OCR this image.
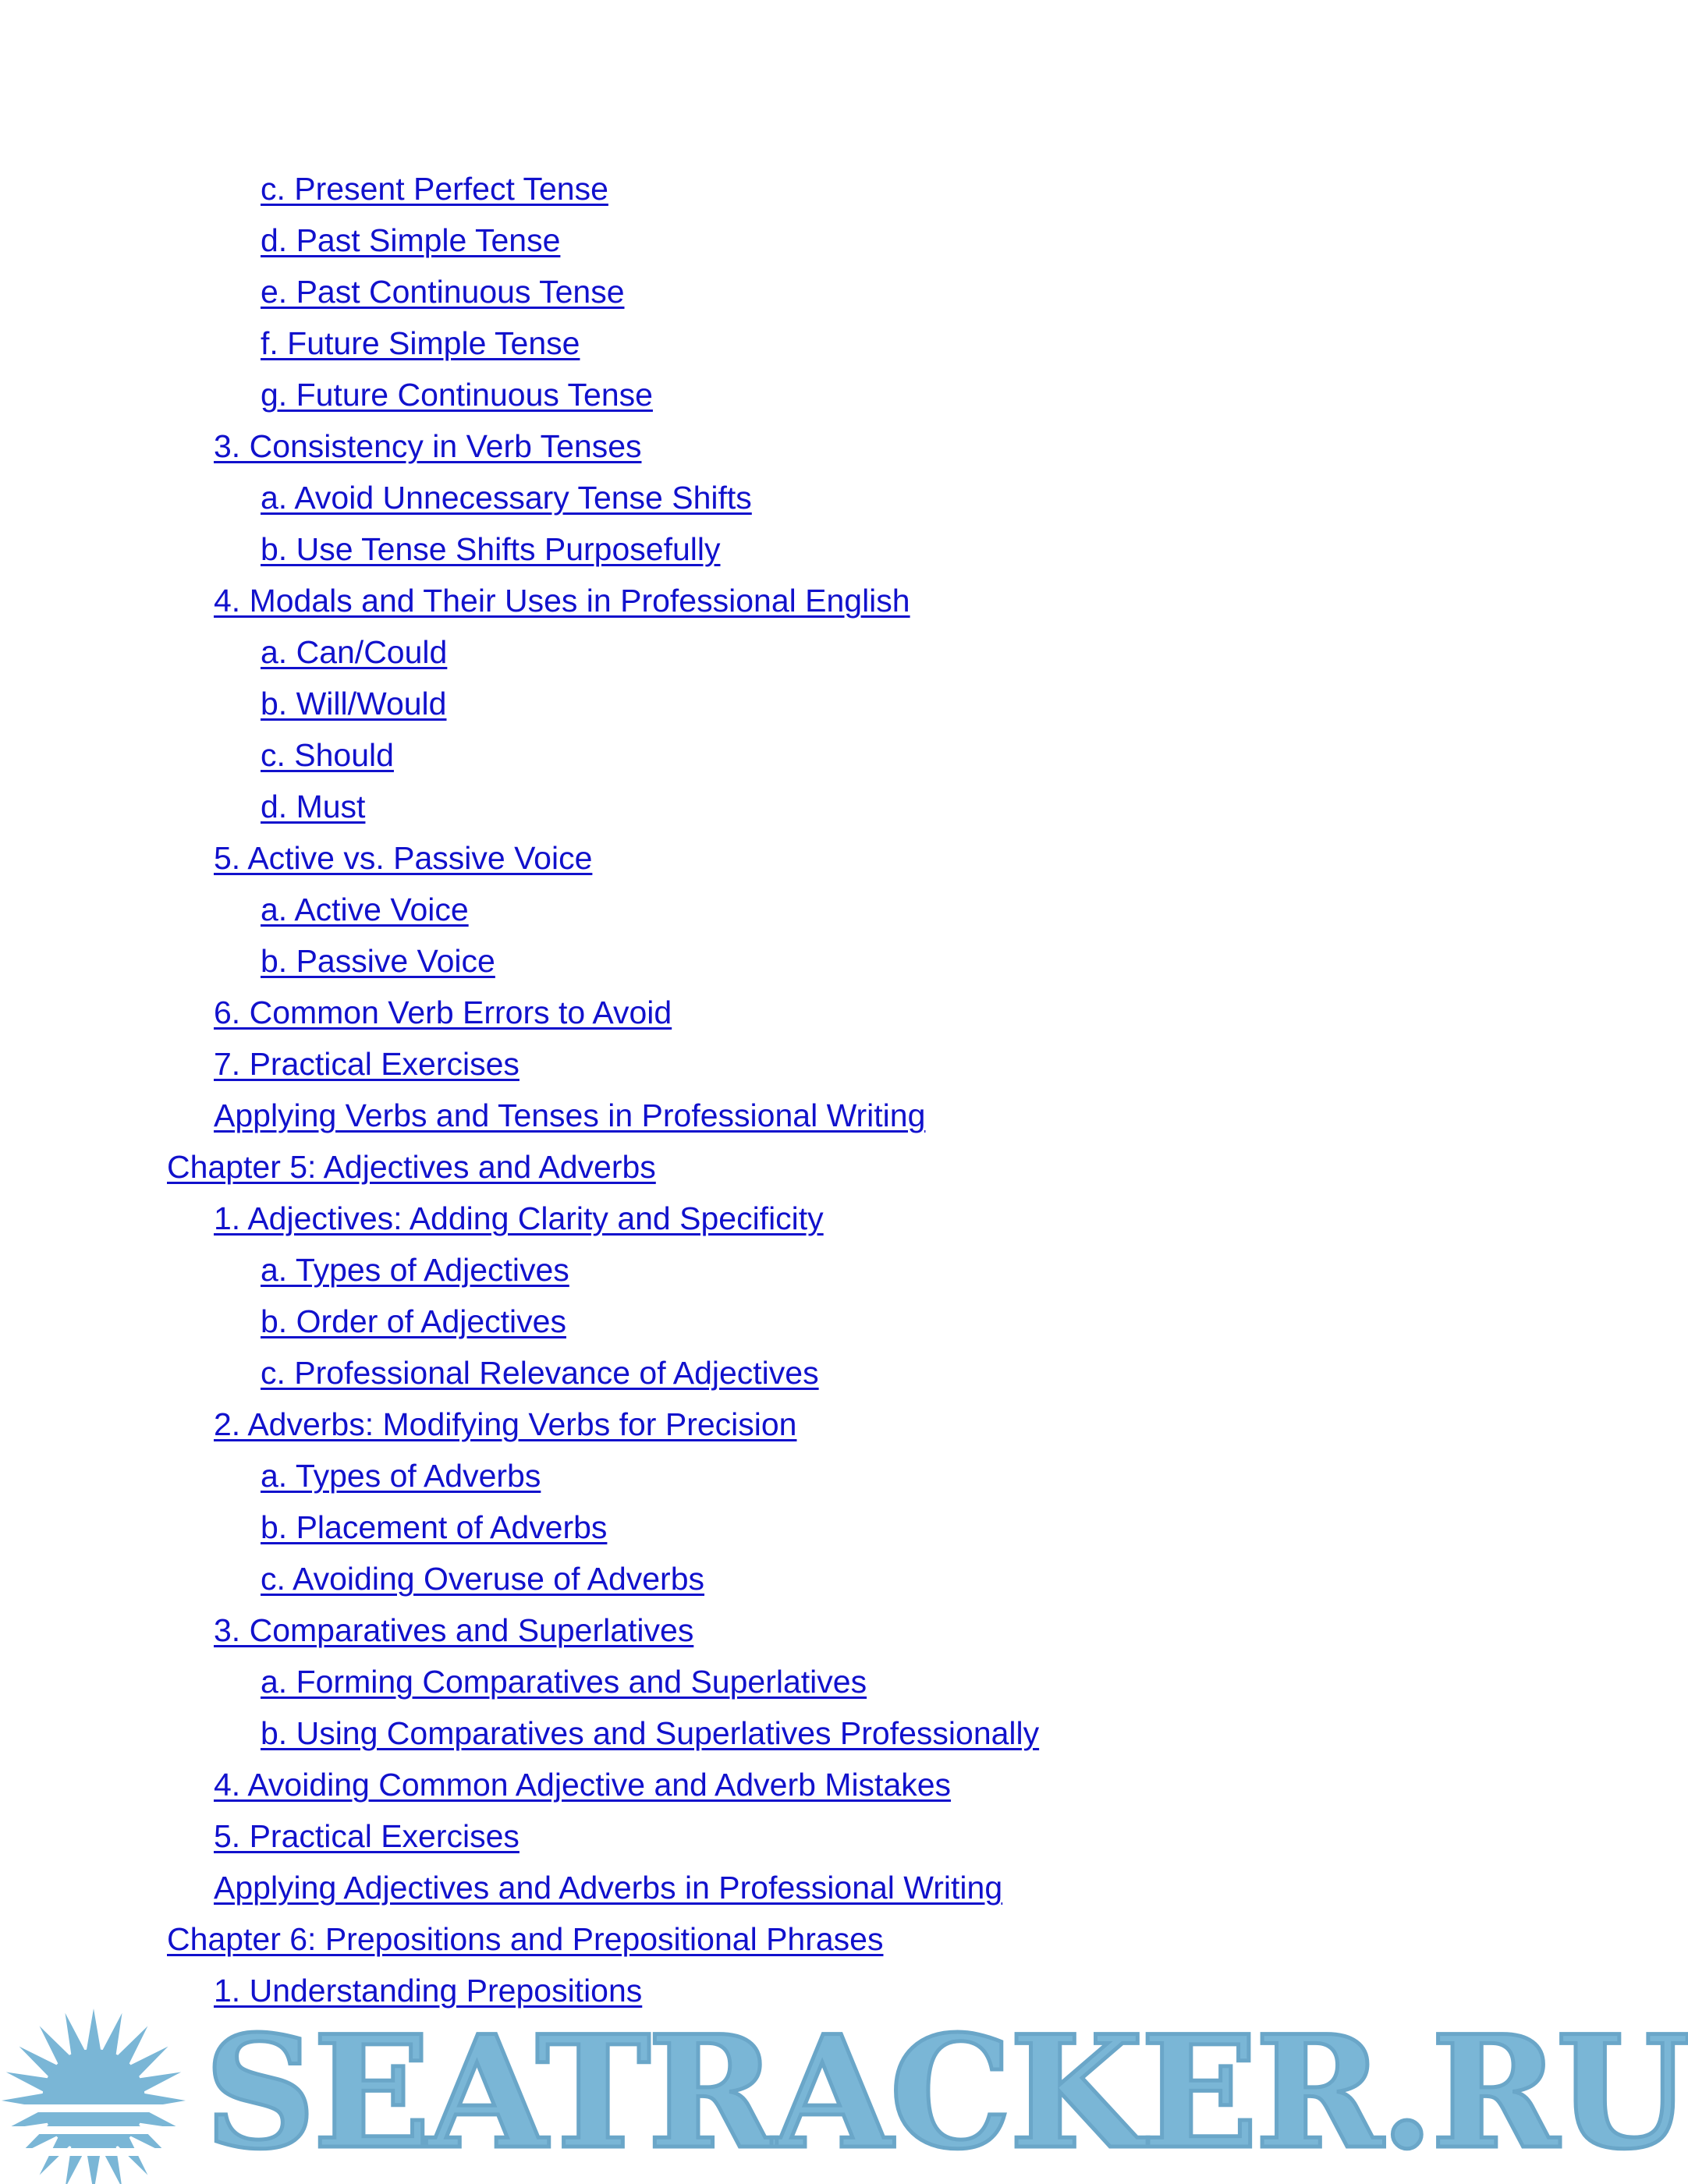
c. Present Perfect Tense
d. Past Simple Tense
e. Past Continuous Tense
f. Future Simple Tense
g. Future Continuous Tense
3. Consistency in Verb Tenses
a. Avoid Unnecessary Tense Shifts
b. Use Tense Shifts Purposefully
4. Modals and Their Uses in Professional English
a. Can/Could
b. Will/Would
c. Should
d. Must
5. Active vs. Passive Voice
a. Active Voice
b. Passive Voice
6. Common Verb Errors to Avoid
7. Practical Exercises
Applying Verbs and Tenses in Professional Writing
Chapter 5: Adjectives and Adverbs
1. Adjectives: Adding Clarity and Specificity
a. Types of Adjectives
b. Order of Adjectives
c. Professional Relevance of Adjectives
2. Adverbs: Modifying Verbs for Precision
a. Types of Adverbs
b. Placement of Adverbs
c. Avoiding Overuse of Adverbs
3. Comparatives and Superlatives
a. Forming Comparatives and Superlatives
b. Using Comparatives and Superlatives Professionally
4. Avoiding Common Adjective and Adverb Mistakes
5. Practical Exercises
Applying Adjectives and Adverbs in Professional Writing
Chapter 6: Prepositions and Prepositional Phrases
1. Understanding Prepositions
SEATRACKER.RU
